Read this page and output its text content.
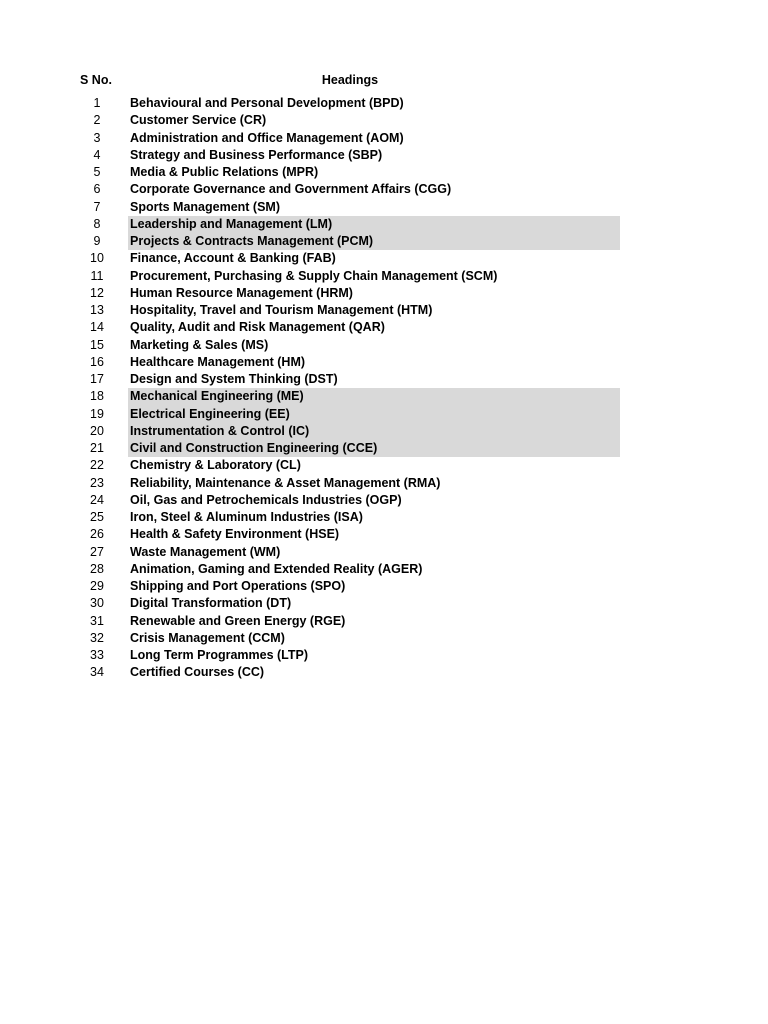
S No.	Headings
1	Behavioural and Personal Development (BPD)
2	Customer Service (CR)
3	Administration and Office Management (AOM)
4	Strategy and Business Performance (SBP)
5	Media & Public Relations (MPR)
6	Corporate Governance and Government Affairs (CGG)
7	Sports Management (SM)
8	Leadership and Management (LM)
9	Projects & Contracts Management (PCM)
10	Finance, Account & Banking (FAB)
11	Procurement, Purchasing & Supply Chain Management (SCM)
12	Human Resource Management (HRM)
13	Hospitality, Travel and Tourism Management (HTM)
14	Quality, Audit and Risk Management (QAR)
15	Marketing & Sales (MS)
16	Healthcare Management (HM)
17	Design and System Thinking (DST)
18	Mechanical Engineering (ME)
19	Electrical Engineering (EE)
20	Instrumentation & Control (IC)
21	Civil and Construction Engineering (CCE)
22	Chemistry & Laboratory (CL)
23	Reliability, Maintenance & Asset Management (RMA)
24	Oil, Gas and Petrochemicals Industries (OGP)
25	Iron, Steel & Aluminum Industries (ISA)
26	Health & Safety Environment (HSE)
27	Waste Management (WM)
28	Animation, Gaming and Extended Reality (AGER)
29	Shipping and Port Operations (SPO)
30	Digital Transformation (DT)
31	Renewable and Green Energy (RGE)
32	Crisis Management (CCM)
33	Long Term Programmes (LTP)
34	Certified Courses (CC)
